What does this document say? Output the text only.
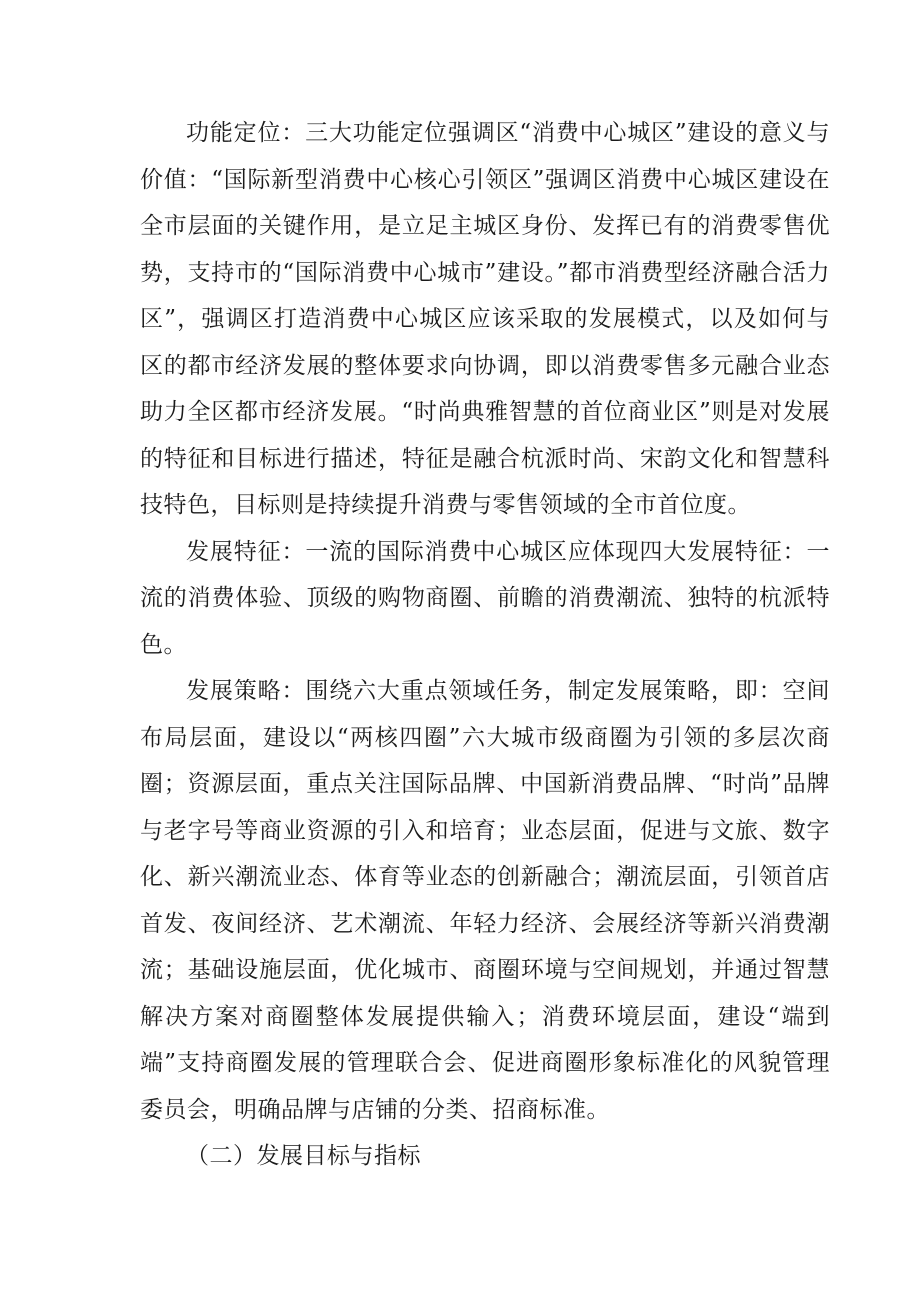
功能定位：三大功能定位强调区“消费中心城区”建设的意义与价值：“国际新型消费中心核心引领区”强调区消费中心城区建设在全市层面的关键作用，是立足主城区身份、发挥已有的消费零售优势，支持市的“国际消费中心城市”建设。”都市消费型经济融合活力区”，强调区打造消费中心城区应该采取的发展模式，以及如何与区的都市经济发展的整体要求向协调，即以消费零售多元融合业态助力全区都市经济发展。“时尚典雅智慧的首位商业区”则是对发展的特征和目标进行描述，特征是融合杭派时尚、宋韵文化和智慧科技特色，目标则是持续提升消费与零售领域的全市首位度。

发展特征：一流的国际消费中心城区应体现四大发展特征：一流的消费体验、顶级的购物商圈、前瞻的消费潮流、独特的杭派特色。

发展策略：围绕六大重点领域任务，制定发展策略，即：空间布局层面，建设以“两核四圈”六大城市级商圈为引领的多层次商圈；资源层面，重点关注国际品牌、中国新消费品牌、“时尚”品牌与老字号等商业资源的引入和培育；业态层面，促进与文旅、数字化、新兴潮流业态、体育等业态的创新融合；潮流层面，引领首店首发、夜间经济、艺术潮流、年轻力经济、会展经济等新兴消费潮流；基础设施层面，优化城市、商圈环境与空间规划，并通过智慧解决方案对商圈整体发展提供输入；消费环境层面，建设“端到端”支持商圈发展的管理联合会、促进商圈形象标准化的风貌管理委员会，明确品牌与店铺的分类、招商标准。

（二）发展目标与指标
